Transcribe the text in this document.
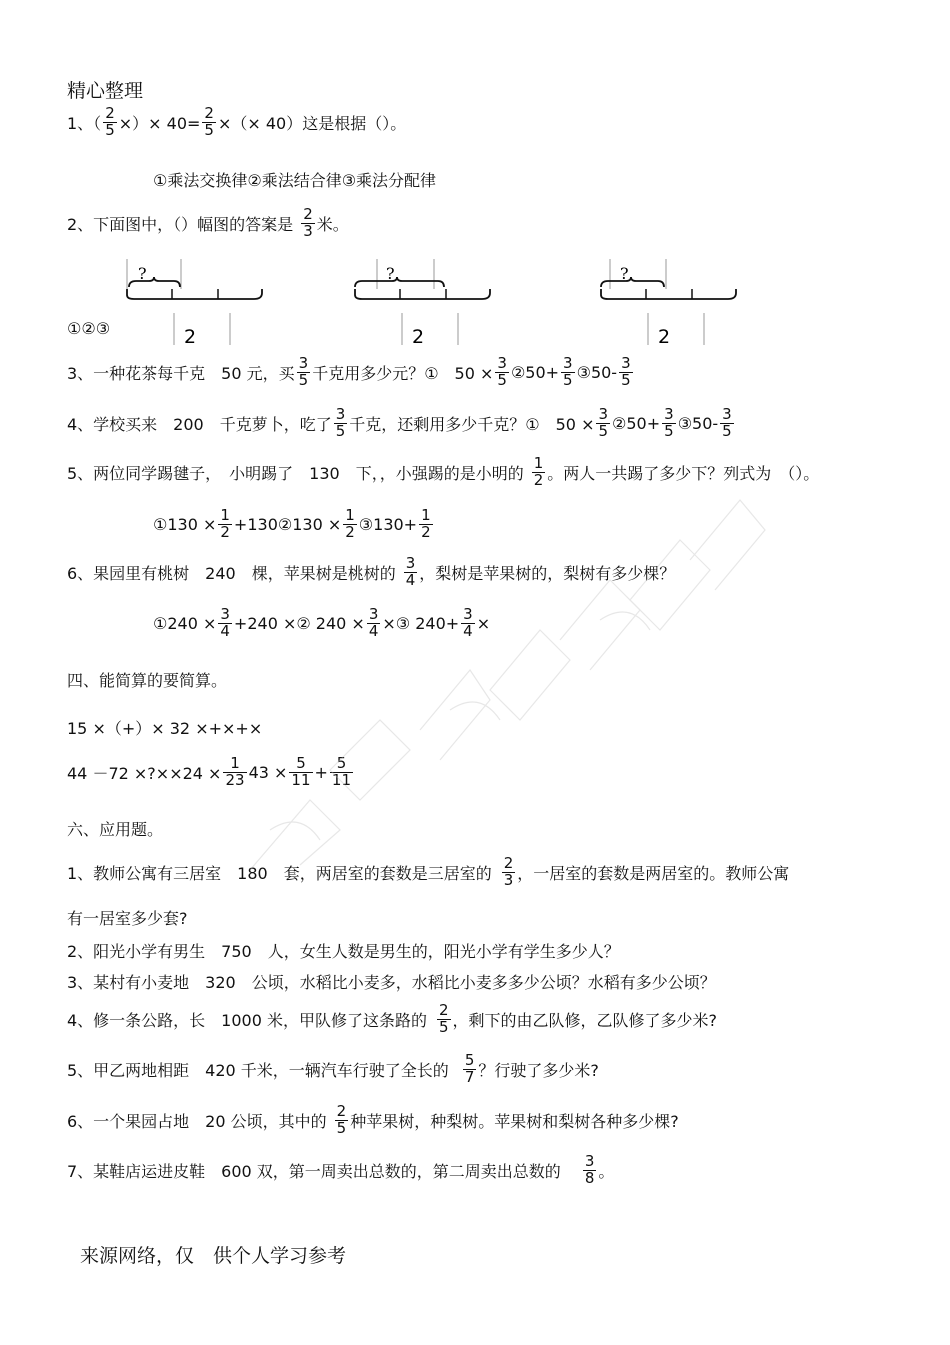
精心整理
1、（ $\frac{2}{5}$ ×）× $40= \frac{2}{5}$ ×（× 40）这是根据（）。
①乘法交换律②乘法结合律③乘法分配律
2、下面图中，（）幅图的答案是 $\frac{2}{3}$ 米。
?
2
?
2
?
2
①②③
3、一种花茶每千克　50 元，买 $\frac{3}{5}$ 千克用多少元？①　$50 \times \frac{3}{5}$ ②50+ $\frac{3}{5}$ ③50- $\frac{3}{5}$
4、学校买来　200　千克萝卜，吃了 $\frac{3}{5}$ 千克，还剩用多少千克？①　$50 \times \frac{3}{5}$ ②50+ $\frac{3}{5}$ ③50- $\frac{3}{5}$
5、两位同学踢毽子，　小明踢了　130　下，，小强踢的是小明的 $\frac{1}{2}$ 。两人一共踢了多少下？列式为　（）。
①130 × $\frac{1}{2}$ +130②130 × $\frac{1}{2}$ ③130+ $\frac{1}{2}$
6、果园里有桃树　240　棵，苹果树是桃树的 $\frac{3}{4}$ ，梨树是苹果树的，梨树有多少棵？
①240 × $\frac{3}{4} +240$ ×② $240 \times \frac{3}{4}$ ×③ $240+ \frac{3}{4}$ ×
四、能简算的要简算。
15 ×（+）× 32 ×+×+×
44 －72 ×?××24 × $\frac{1}{23} 43 \times \frac{5}{11} + \frac{5}{11}$
六、应用题。
1、教师公寓有三居室　180　套，两居室的套数是三居室的 $\frac{2}{3}$ ，一居室的套数是两居室的。教师公寓
有一居室多少套?
2、阳光小学有男生　750　人，女生人数是男生的，阳光小学有学生多少人？
3、某村有小麦地　320　公顷，水稻比小麦多，水稻比小麦多多少公顷？水稻有多少公顷？
4、修一条公路，长　1000 米，甲队修了这条路的 $\frac{2}{5}$ ，剩下的由乙队修，乙队修了多少米?
5、甲乙两地相距　420 千米，一辆汽车行驶了全长的 $\frac{5}{7}$ ？行驶了多少米?
6、一个果园占地　20 公顷，其中的 $\frac{2}{5}$ 种苹果树，种梨树。苹果树和梨树各种多少棵?
7、某鞋店运进皮鞋　600 双，第一周卖出总数的，第二周卖出总数的 $\frac{3}{8}$ 。
来源网络，仅　供个人学习参考
